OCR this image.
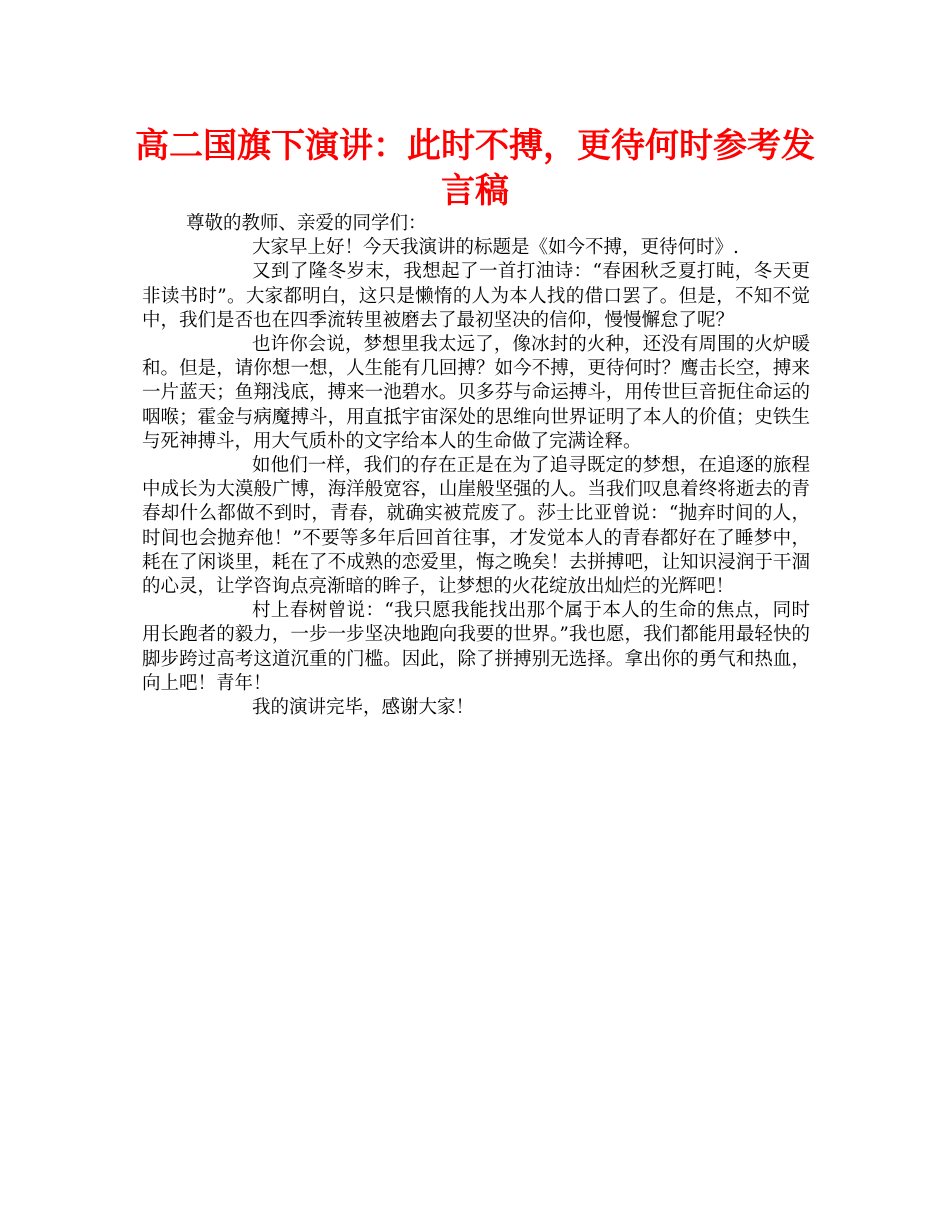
高二国旗下演讲：此时不搏，更待何时参考发言稿

尊敬的教师、亲爱的同学们：

大家早上好！今天我演讲的标题是《如今不搏，更待何时》.

又到了隆冬岁末，我想起了一首打油诗：“春困秋乏夏打盹，冬天更非读书时”。大家都明白，这只是懒惰的人为本人找的借口罢了。但是，不知不觉中，我们是否也在四季流转里被磨去了最初坚决的信仰，慢慢懈怠了呢？

也许你会说，梦想里我太远了，像冰封的火种，还没有周围的火炉暖和。但是，请你想一想，人生能有几回搏？如今不搏，更待何时？鹰击长空，搏来一片蓝天；鱼翔浅底，搏来一池碧水。贝多芬与命运搏斗，用传世巨音扼住命运的咽喉；霍金与病魔搏斗，用直抵宇宙深处的思维向世界证明了本人的价值；史铁生与死神搏斗，用大气质朴的文字给本人的生命做了完满诠释。

如他们一样，我们的存在正是在为了追寻既定的梦想，在追逐的旅程中成长为大漠般广博，海洋般宽容，山崖般坚强的人。当我们叹息着终将逝去的青春却什么都做不到时，青春，就确实被荒废了。莎士比亚曾说：“抛弃时间的人，时间也会抛弃他！”不要等多年后回首往事，才发觉本人的青春都好在了睡梦中，耗在了闲谈里，耗在了不成熟的恋爱里，悔之晚矣！去拼搏吧，让知识浸润于干涸的心灵，让学咨询点亮渐暗的眸子，让梦想的火花绽放出灿烂的光辉吧！

村上春树曾说：“我只愿我能找出那个属于本人的生命的焦点，同时用长跑者的毅力，一步一步坚决地跑向我要的世界。”我也愿，我们都能用最轻快的脚步跨过高考这道沉重的门槛。因此，除了拼搏别无选择。拿出你的勇气和热血，向上吧！青年！

我的演讲完毕，感谢大家！
